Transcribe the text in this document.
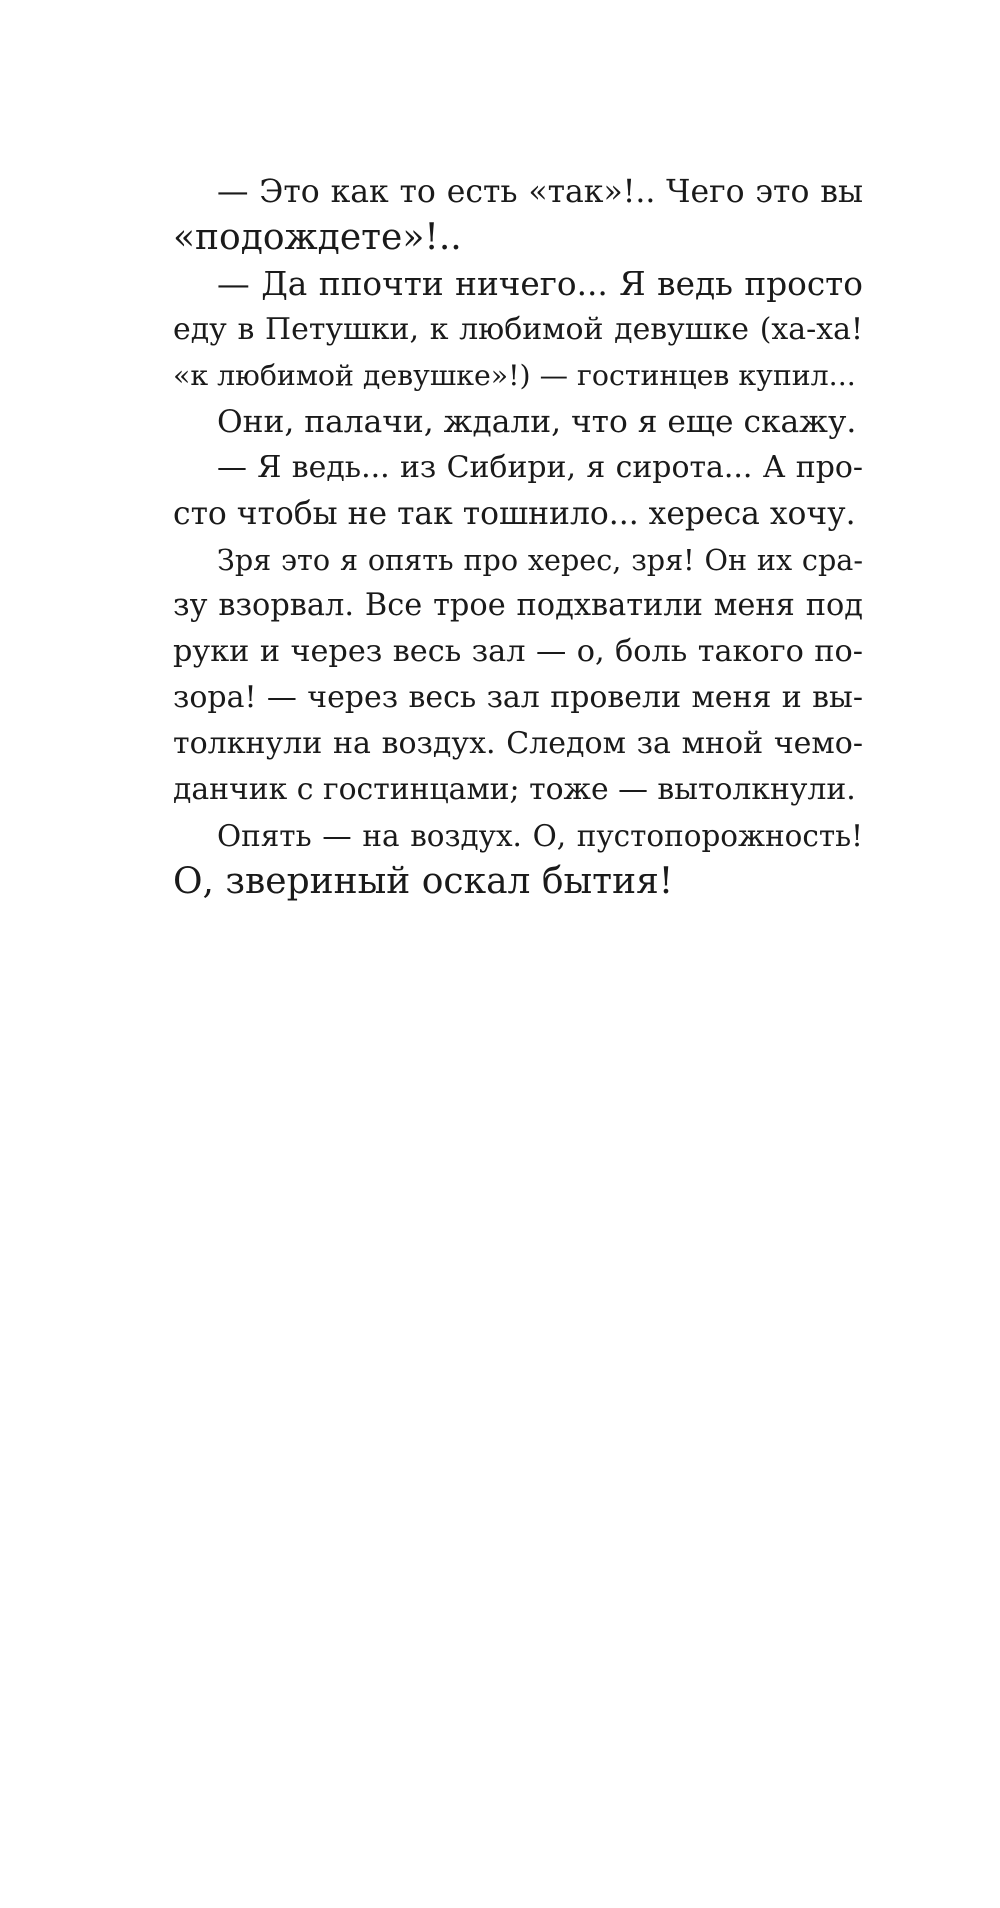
— Это как то есть «так»!.. Чего это вы
«подождете»!..
— Да ппочти ничего... Я ведь просто
еду в Петушки, к любимой девушке (ха-ха!
«к любимой девушке»!) — гостинцев купил...
Они, палачи, ждали, что я еще скажу.
— Я ведь... из Сибири, я сирота... А про-
сто чтобы не так тошнило... хереса хочу.
Зря это я опять про херес, зря! Он их сра-
зу взорвал. Все трое подхватили меня под
руки и через весь зал — о, боль такого по-
зора! — через весь зал провели меня и вы-
толкнули на воздух. Следом за мной чемо-
данчик с гостинцами; тоже — вытолкнули.
Опять — на воздух. О, пустопорожность!
О, звериный оскал бытия!
